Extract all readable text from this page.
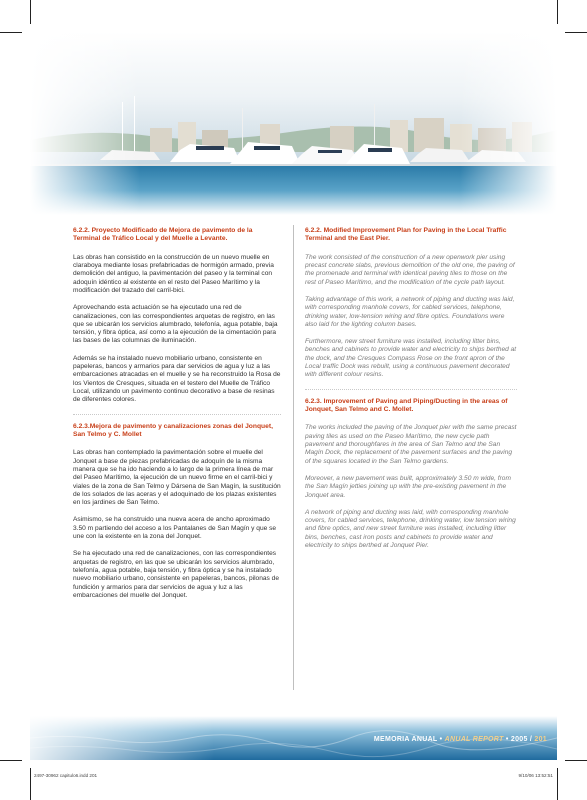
6.2.2. Proyecto Modificado de Mejora de pavimento de la Terminal de Tráfico Local y del Muelle a Levante.

Las obras han consistido en la construcción de un nuevo muelle en claraboya mediante losas prefabricadas de hormigón armado, previa demolición del antiguo, la pavimentación del paseo y la terminal con adoquín idéntico al existente en el resto del Paseo Marítimo y la modificación del trazado del carril-bici.

Aprovechando esta actuación se ha ejecutado una red de canalizaciones, con las correspondientes arquetas de registro, en las que se ubicarán los servicios alumbrado, telefonía, agua potable, baja tensión, y fibra óptica, así como a la ejecución de la cimentación para las bases de las columnas de iluminación.

Además se ha instalado nuevo mobiliario urbano, consistente en papeleras, bancos y armarios para dar servicios de agua y luz a las embarcaciones atracadas en el muelle y se ha reconstruido la Rosa de los Vientos de Cresques, situada en el testero del Muelle de Tráfico Local, utilizando un pavimento continuo decorativo a base de resinas de diferentes colores.

6.2.3.Mejora de pavimento y canalizaciones zonas del Jonquet, San Telmo y C. Mollet

Las obras han contemplado la pavimentación sobre el muelle del Jonquet a base de piezas prefabricadas de adoquín de la misma manera que se ha ido haciendo a lo largo de la primera línea de mar del Paseo Marítimo, la ejecución de un nuevo firme en el carril-bici y viales de la zona de San Telmo y Dársena de San Magín, la sustitución de los solados de las aceras y el adoquinado de los plazas existentes en los jardines de San Telmo.

Asimismo, se ha construido una nueva acera de ancho aproximado 3.50 m partiendo del acceso a los Pantalanes de San Magín y que se une con la existente en la zona del Jonquet.

Se ha ejecutado una red de canalizaciones, con las correspondientes arquetas de registro, en las que se ubicarán los servicios alumbrado, telefonía, agua potable, baja tensión, y fibra óptica y se ha instalado nuevo mobiliario urbano, consistente en papeleras, bancos, pilonas de fundición y armarios para dar servicios de agua y luz a las embarcaciones del muelle del Jonquet.

6.2.2. Modified Improvement Plan for Paving in the Local Traffic Terminal and the East Pier.

The work consisted of the construction of a new openwork pier using precast concrete slabs, previous demolition of the old one, the paving of the promenade and terminal with identical paving tiles to those on the rest of Paseo Marítimo, and the modification of the cycle path layout.

Taking advantage of this work, a network of piping and ducting was laid, with corresponding manhole covers, for cabled services, telephone, drinking water, low-tension wiring and fibre optics. Foundations were also laid for the lighting column bases.

Furthermore, new street furniture was installed, including litter bins, benches and cabinets to provide water and electricity to ships berthed at the dock, and the Cresques Compass Rose on the front apron of the Local traffic Dock was rebuilt, using a continuous pavement decorated with different colour resins.

6.2.3. Improvement of Paving and Piping/Ducting in the areas of Jonquet, San Telmo and C. Mollet.

The works included the paving of the Jonquet pier with the same precast paving tiles as used on the Paseo Marítimo, the new cycle path pavement and thoroughfares in the area of San Telmo and the San Magín Dock, the replacement of the pavement surfaces and the paving of the squares located in the San Telmo gardens.

Moreover, a new pavement was built, approximately 3.50 m wide, from the San Magín jetties joining up with the pre-existing pavement in the Jonquet area.

A network of piping and ducting was laid, with corresponding manhole covers, for cabled services, telephone, drinking water, low tension wiring and fibre optics, and new street furniture was installed, including litter bins, benches, cast iron posts and cabinets to provide water and electricity to ships berthed at Jonquet Pier.

MEMORIA ANUAL • ANUAL REPORT • 2005 / 201
2497-30962 capitulo6.indd 201	9/10/06 13:52:51
